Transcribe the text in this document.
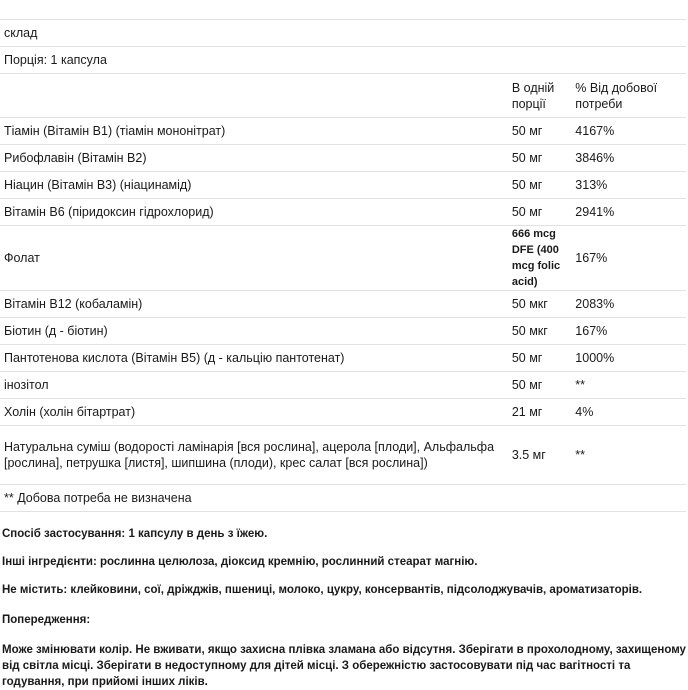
склад		
Порція: 1 капсула		
	В одній порції	% Від добової потреби
Тіамін (Вітамін B1) (тіамін мононітрат)	50 мг	4167%
Рибофлавін (Вітамін B2)	50 мг	3846%
Ніацин (Вітамін B3) (ніацинамід)	50 мг	313%
Вітамін B6 (піридоксин гідрохлорид)	50 мг	2941%
Фолат	666 mcg DFE (400 mcg folic acid)	167%
Вітамін B12 (кобаламін)	50 мкг	2083%
Біотин (д - біотин)	50 мкг	167%
Пантотенова кислота (Вітамін B5) (д - кальцію пантотенат)	50 мг	1000%
інозітол	50 мг	**
Холін (холін бітартрат)	21 мг	4%
Натуральна суміш (водорості ламінарія [вся рослина], ацерола [плоди], Альфальфа [рослина], петрушка [листя], шипшина (плоди), крес салат [вся рослина])	3.5 мг	**
** Добова потреба не визначена		

Спосіб застосування: 1 капсулу в день з їжею.

Інші інгредієнти: рослинна целюлоза, діоксид кремнію, рослинний стеарат магнію.

Не містить: клейковини, сої, дріжджів, пшениці, молоко, цукру, консервантів, підсолоджувачів, ароматизаторів.

Попередження:

Може змінювати колір. Не вживати, якщо захисна плівка зламана або відсутня. Зберігати в прохолодному, захищеному від світла місці. Зберігати в недоступному для дітей місці. З обережністю застосовувати під час вагітності та годування, при прийомі інших ліків.
